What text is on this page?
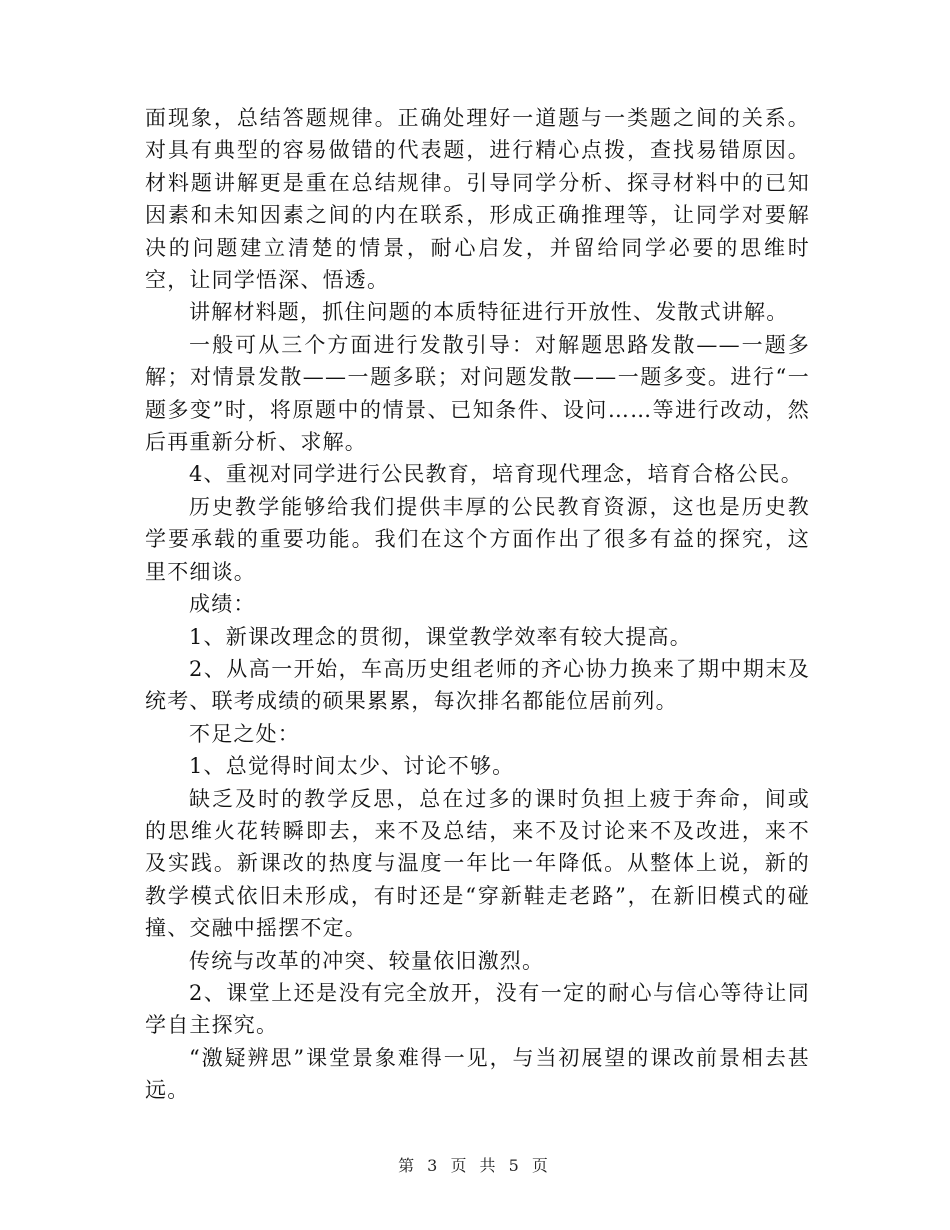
面现象，总结答题规律。正确处理好一道题与一类题之间的关系。对具有典型的容易做错的代表题，进行精心点拨，查找易错原因。材料题讲解更是重在总结规律。引导同学分析、探寻材料中的已知因素和未知因素之间的内在联系，形成正确推理等，让同学对要解决的问题建立清楚的情景，耐心启发，并留给同学必要的思维时空，让同学悟深、悟透。

讲解材料题，抓住问题的本质特征进行开放性、发散式讲解。

一般可从三个方面进行发散引导：对解题思路发散——一题多解；对情景发散——一题多联；对问题发散——一题多变。进行“一题多变”时，将原题中的情景、已知条件、设问……等进行改动，然后再重新分析、求解。

4、重视对同学进行公民教育，培育现代理念，培育合格公民。

历史教学能够给我们提供丰厚的公民教育资源，这也是历史教学要承载的重要功能。我们在这个方面作出了很多有益的探究，这里不细谈。

成绩：

1、新课改理念的贯彻，课堂教学效率有较大提高。

2、从高一开始，车高历史组老师的齐心协力换来了期中期末及统考、联考成绩的硕果累累，每次排名都能位居前列。

不足之处：

1、总觉得时间太少、讨论不够。

缺乏及时的教学反思，总在过多的课时负担上疲于奔命，间或的思维火花转瞬即去，来不及总结，来不及讨论来不及改进，来不及实践。新课改的热度与温度一年比一年降低。从整体上说，新的教学模式依旧未形成，有时还是“穿新鞋走老路”，在新旧模式的碰撞、交融中摇摆不定。

传统与改革的冲突、较量依旧激烈。

2、课堂上还是没有完全放开，没有一定的耐心与信心等待让同学自主探究。

“激疑辨思”课堂景象难得一见，与当初展望的课改前景相去甚远。

第 3 页 共 5 页
